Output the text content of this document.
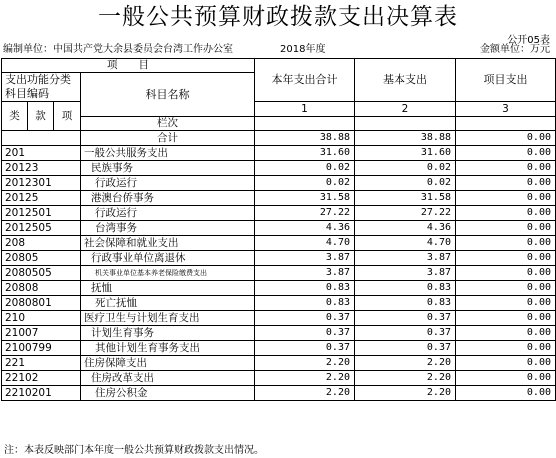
一般公共预算财政拨款支出决算表
公开05表
编制单位：中国共产党大余县委员会台湾工作办公室	2018年度	金额单位：万元
项　　目				本年支出合计	基本支出	项目支出
支出功能分类科目编码			科目名称			

类	款	项		1	2	3
			栏次			
			合计	38.88	38.88	0.00
201			一般公共服务支出	31.60	31.60	0.00
20123			民族事务	0.02	0.02	0.00
2012301			行政运行	0.02	0.02	0.00
20125			港澳台侨事务	31.58	31.58	0.00
2012501			行政运行	27.22	27.22	0.00
2012505			台湾事务	4.36	4.36	0.00
208			社会保障和就业支出	4.70	4.70	0.00
20805			行政事业单位离退休	3.87	3.87	0.00
2080505			机关事业单位基本养老保险缴费支出	3.87	3.87	0.00
20808			抚恤	0.83	0.83	0.00
2080801			死亡抚恤	0.83	0.83	0.00
210			医疗卫生与计划生育支出	0.37	0.37	0.00
21007			计划生育事务	0.37	0.37	0.00
2100799			其他计划生育事务支出	0.37	0.37	0.00
221			住房保障支出	2.20	2.20	0.00
22102			住房改革支出	2.20	2.20	0.00
2210201			住房公积金	2.20	2.20	0.00
注：本表反映部门本年度一般公共预算财政拨款支出情况。
